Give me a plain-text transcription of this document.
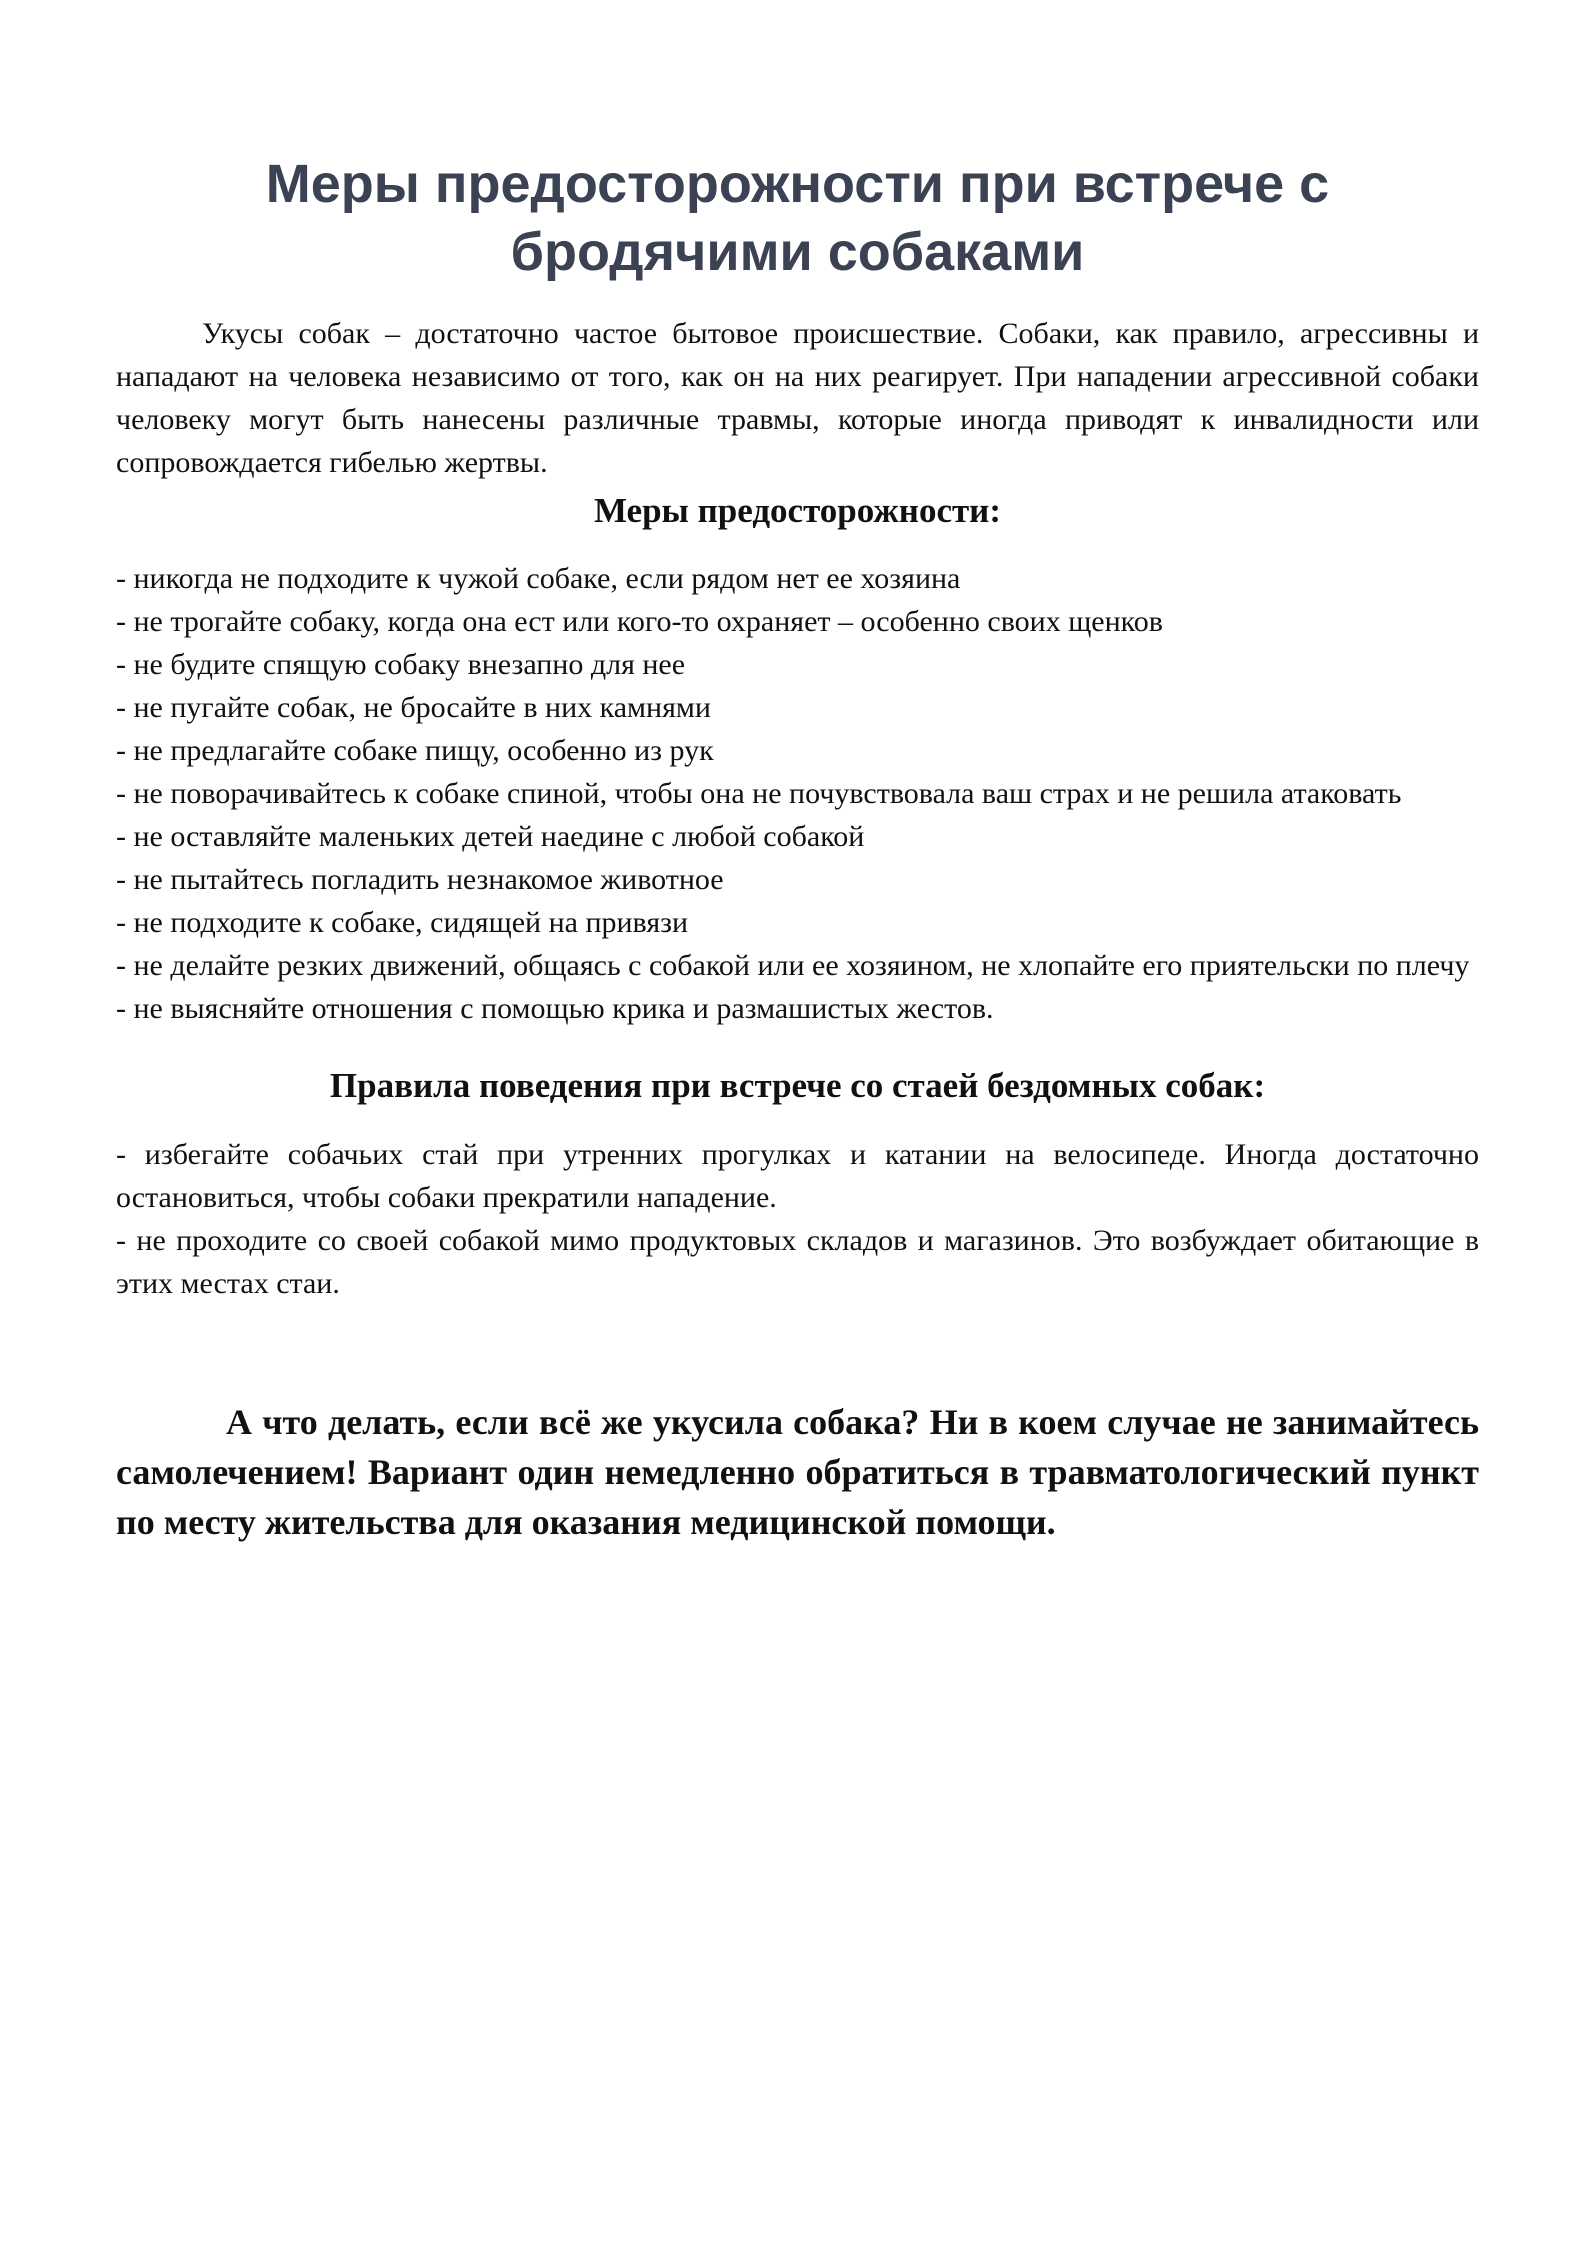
Меры предосторожности при встрече с бродячими собаками

Укусы собак – достаточно частое бытовое происшествие. Собаки, как правило, агрессивны и нападают на человека независимо от того, как он на них реагирует. При нападении агрессивной собаки человеку могут быть нанесены различные травмы, которые иногда приводят к инвалидности или сопровождается гибелью жертвы.

Меры предосторожности:
- никогда не подходите к чужой собаке, если рядом нет ее хозяина
- не трогайте собаку, когда она ест или кого-то охраняет – особенно своих щенков
- не будите спящую собаку внезапно для нее
- не пугайте собак, не бросайте в них камнями
- не предлагайте собаке пищу, особенно из рук
- не поворачивайтесь к собаке спиной, чтобы она не почувствовала ваш страх и не решила атаковать
- не оставляйте маленьких детей наедине с любой собакой
- не пытайтесь погладить незнакомое животное
- не подходите к собаке, сидящей на привязи
- не делайте резких движений, общаясь с собакой или ее хозяином, не хлопайте его приятельски по плечу
- не выясняйте отношения с помощью крика и размашистых жестов.
Правила поведения при встрече со стаей бездомных собак:
- избегайте собачьих стай при утренних прогулках и катании на велосипеде. Иногда достаточно остановиться, чтобы собаки прекратили нападение.
- не проходите со своей собакой мимо продуктовых складов и магазинов. Это возбуждает обитающие в этих местах стаи.

А что делать, если всё же укусила собака? Ни в коем случае не занимайтесь самолечением! Вариант один немедленно обратиться в травматологический пункт по месту жительства для оказания медицинской помощи.
